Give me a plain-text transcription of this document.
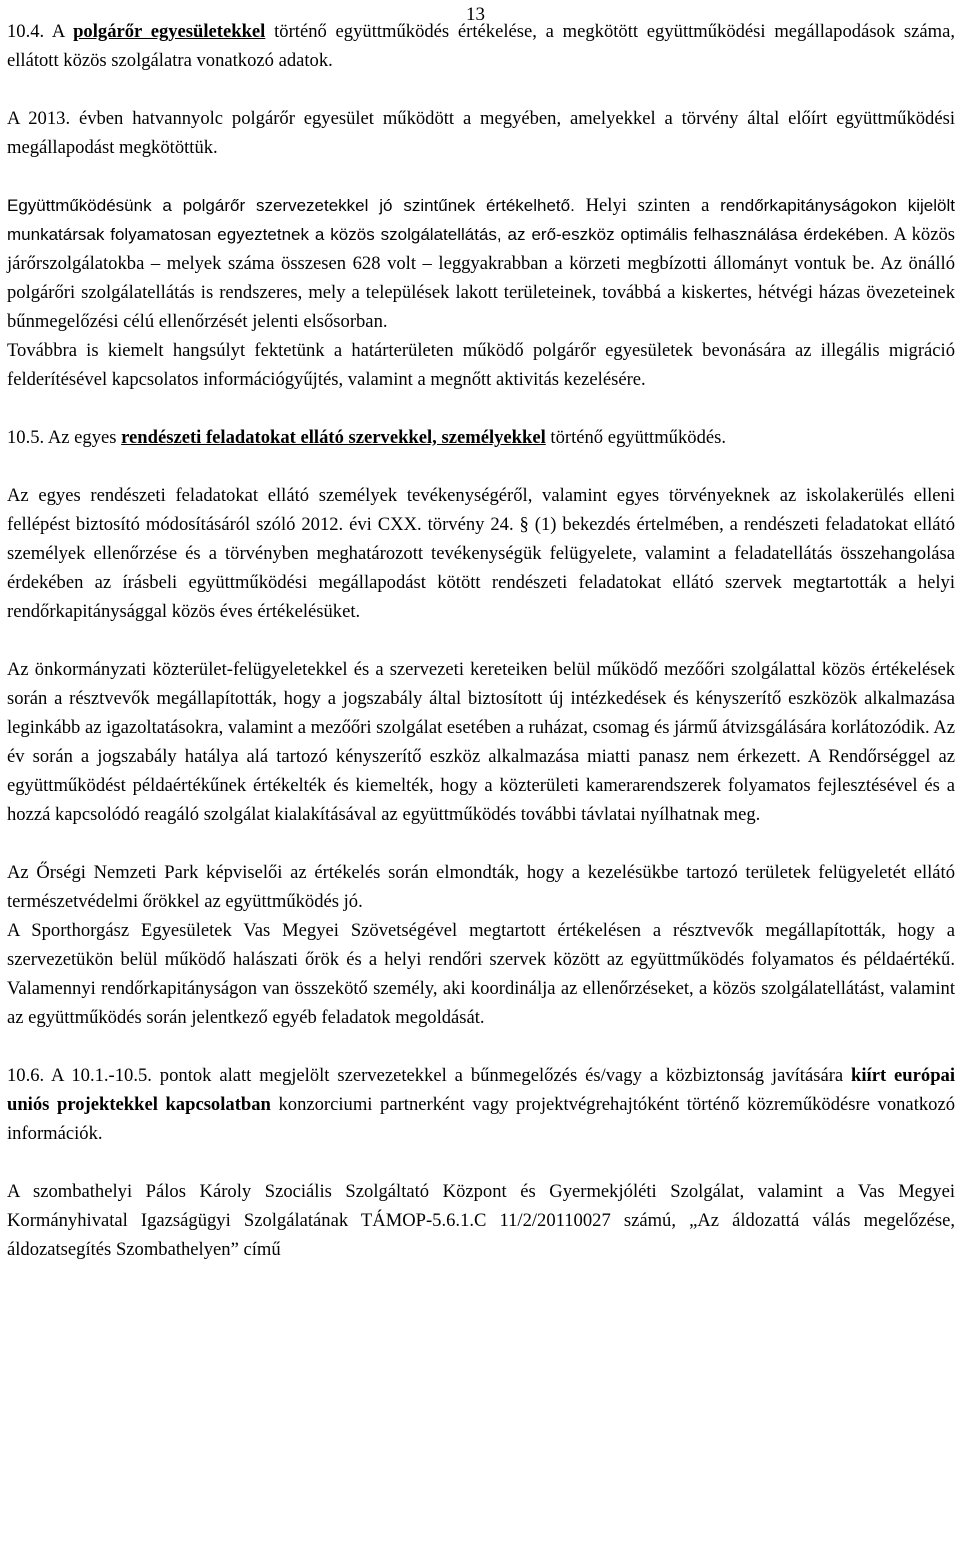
13

10.4. A polgárőr egyesületekkel történő együttműködés értékelése, a megkötött együttműködési megállapodások száma, ellátott közös szolgálatra vonatkozó adatok.

A 2013. évben hatvannyolc polgárőr egyesület működött a megyében, amelyekkel a törvény által előírt együttműködési megállapodást megkötöttük.

Együttműködésünk a polgárőr szervezetekkel jó szintűnek értékelhető. Helyi szinten a rendőrkapitányságokon kijelölt munkatársak folyamatosan egyeztetnek a közös szolgálatellátás, az erő-eszköz optimális felhasználása érdekében. A közös járőrszolgálatokba – melyek száma összesen 628 volt – leggyakrabban a körzeti megbízotti állományt vontuk be. Az önálló polgárőri szolgálatellátás is rendszeres, mely a települések lakott területeinek, továbbá a kiskertes, hétvégi házas övezeteinek bűnmegelőzési célú ellenőrzését jelenti elsősorban.

Továbbra is kiemelt hangsúlyt fektetünk a határterületen működő polgárőr egyesületek bevonására az illegális migráció felderítésével kapcsolatos információgyűjtés, valamint a megnőtt aktivitás kezelésére.

10.5. Az egyes rendészeti feladatokat ellátó szervekkel, személyekkel történő együttműködés.

Az egyes rendészeti feladatokat ellátó személyek tevékenységéről, valamint egyes törvényeknek az iskolakerülés elleni fellépést biztosító módosításáról szóló 2012. évi CXX. törvény 24. § (1) bekezdés értelmében, a rendészeti feladatokat ellátó személyek ellenőrzése és a törvényben meghatározott tevékenységük felügyelete, valamint a feladatellátás összehangolása érdekében az írásbeli együttműködési megállapodást kötött rendészeti feladatokat ellátó szervek megtartották a helyi rendőrkapitánysággal közös éves értékelésüket.

Az önkormányzati közterület-felügyeletekkel és a szervezeti kereteiken belül működő mezőőri szolgálattal közös értékelések során a résztvevők megállapították, hogy a jogszabály által biztosított új intézkedések és kényszerítő eszközök alkalmazása leginkább az igazoltatásokra, valamint a mezőőri szolgálat esetében a ruházat, csomag és jármű átvizsgálására korlátozódik. Az év során a jogszabály hatálya alá tartozó kényszerítő eszköz alkalmazása miatti panasz nem érkezett. A Rendőrséggel az együttműködést példaértékűnek értékelték és kiemelték, hogy a közterületi kamerarendszerek folyamatos fejlesztésével és a hozzá kapcsolódó reagáló szolgálat kialakításával az együttműködés további távlatai nyílhatnak meg.

Az Őrségi Nemzeti Park képviselői az értékelés során elmondták, hogy a kezelésükbe tartozó területek felügyeletét ellátó természetvédelmi őrökkel az együttműködés jó.

A Sporthorgász Egyesületek Vas Megyei Szövetségével megtartott értékelésen a résztvevők megállapították, hogy a szervezetükön belül működő halászati őrök és a helyi rendőri szervek között az együttműködés folyamatos és példaértékű. Valamennyi rendőrkapitányságon van összekötő személy, aki koordinálja az ellenőrzéseket, a közös szolgálatellátást, valamint az együttműködés során jelentkező egyéb feladatok megoldását.

10.6. A 10.1.-10.5. pontok alatt megjelölt szervezetekkel a bűnmegelőzés és/vagy a közbiztonság javítására kiírt európai uniós projektekkel kapcsolatban konzorciumi partnerként vagy projektvégrehajtóként történő közreműködésre vonatkozó információk.

A szombathelyi Pálos Károly Szociális Szolgáltató Központ és Gyermekjóléti Szolgálat, valamint a Vas Megyei Kormányhivatal Igazságügyi Szolgálatának TÁMOP-5.6.1.C 11/2/20110027 számú, „Az áldozattá válás megelőzése, áldozatsegítés Szombathelyen” című
